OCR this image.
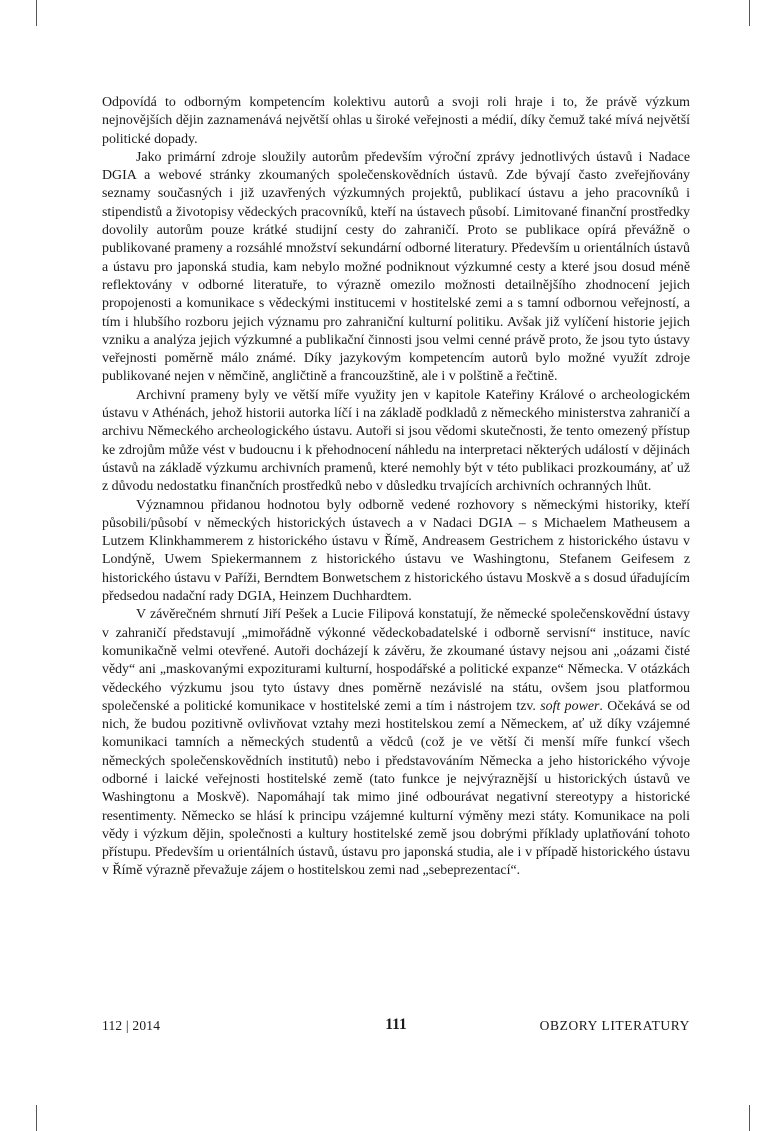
Odpovídá to odborným kompetencím kolektivu autorů a svoji roli hraje i to, že právě výzkum nejnovějších dějin zaznamenává největší ohlas u široké veřejnosti a médií, díky čemuž také mívá největší politické dopady.

Jako primární zdroje sloužily autorům především výroční zprávy jednotlivých ústavů i Nadace DGIA a webové stránky zkoumaných společenskovědních ústavů. Zde bývají často zveřejňovány seznamy současných i již uzavřených výzkumných projektů, publikací ústavu a jeho pracovníků i stipendistů a životopisy vědeckých pracovníků, kteří na ústavech působí. Limitované finanční prostředky dovolily autorům pouze krátké studijní cesty do zahraničí. Proto se publikace opírá převážně o publikované prameny a rozsáhlé množství sekundární odborné literatury. Především u orientálních ústavů a ústavu pro japonská studia, kam nebylo možné podniknout výzkumné cesty a které jsou dosud méně reflektovány v odborné literatuře, to výrazně omezilo možnosti detailnějšího zhodnocení jejich propojenosti a komunikace s vědeckými institucemi v hostitelské zemi a s tamní odbornou veřejností, a tím i hlubšího rozboru jejich významu pro zahraniční kulturní politiku. Avšak již vylíčení historie jejich vzniku a analýza jejich výzkumné a publikační činnosti jsou velmi cenné právě proto, že jsou tyto ústavy veřejnosti poměrně málo známé. Díky jazykovým kompetencím autorů bylo možné využít zdroje publikované nejen v němčině, angličtině a francouzštině, ale i v polštině a řečtině.

Archivní prameny byly ve větší míře využity jen v kapitole Kateřiny Králové o archeologickém ústavu v Athénách, jehož historii autorka líčí i na základě podkladů z německého ministerstva zahraničí a archivu Německého archeologického ústavu. Autoři si jsou vědomi skutečnosti, že tento omezený přístup ke zdrojům může vést v budoucnu i k přehodnocení náhledu na interpretaci některých událostí v dějinách ústavů na základě výzkumu archivních pramenů, které nemohly být v této publikaci prozkoumány, ať už z důvodu nedostatku finančních prostředků nebo v důsledku trvajících archivních ochranných lhůt.

Významnou přidanou hodnotou byly odborně vedené rozhovory s německými historiky, kteří působili/působí v německých historických ústavech a v Nadaci DGIA – s Michaelem Matheusem a Lutzem Klinkhammerem z historického ústavu v Římě, Andreasem Gestrichem z historického ústavu v Londýně, Uwem Spiekermannem z historického ústavu ve Washingtonu, Stefanem Geifesem z historického ústavu v Paříži, Berndtem Bonwetschem z historického ústavu Moskvě a s dosud úřadujícím předsedou nadační rady DGIA, Heinzem Duchhardtem.

V závěrečném shrnutí Jiří Pešek a Lucie Filipová konstatují, že německé společenskovědní ústavy v zahraničí představují „mimořádně výkonné vědeckobadatelské i odborně servisní“ instituce, navíc komunikačně velmi otevřené. Autoři docházejí k závěru, že zkoumané ústavy nejsou ani „oázami čisté vědy“ ani „maskovanými expoziturami kulturní, hospodářské a politické expanze“ Německa. V otázkách vědeckého výzkumu jsou tyto ústavy dnes poměrně nezávislé na státu, ovšem jsou platformou společenské a politické komunikace v hostitelské zemi a tím i nástrojem tzv. soft power. Očekává se od nich, že budou pozitivně ovlivňovat vztahy mezi hostitelskou zemí a Německem, ať už díky vzájemné komunikaci tamních a německých studentů a vědců (což je ve větší či menší míře funkcí všech německých společenskovědních institutů) nebo i představováním Německa a jeho historického vývoje odborné i laické veřejnosti hostitelské země (tato funkce je nejvýraznější u historických ústavů ve Washingtonu a Moskvě). Napomáhají tak mimo jiné odbourávat negativní stereotypy a historické resentimenty. Německo se hlásí k principu vzájemné kulturní výměny mezi státy. Komunikace na poli vědy i výzkum dějin, společnosti a kultury hostitelské země jsou dobrými příklady uplatňování tohoto přístupu. Především u orientálních ústavů, ústavu pro japonská studia, ale i v případě historického ústavu v Římě výrazně převažuje zájem o hostitelskou zemi nad „sebeprezentací“.

112 | 2014	111	OBZORY LITERATURY
